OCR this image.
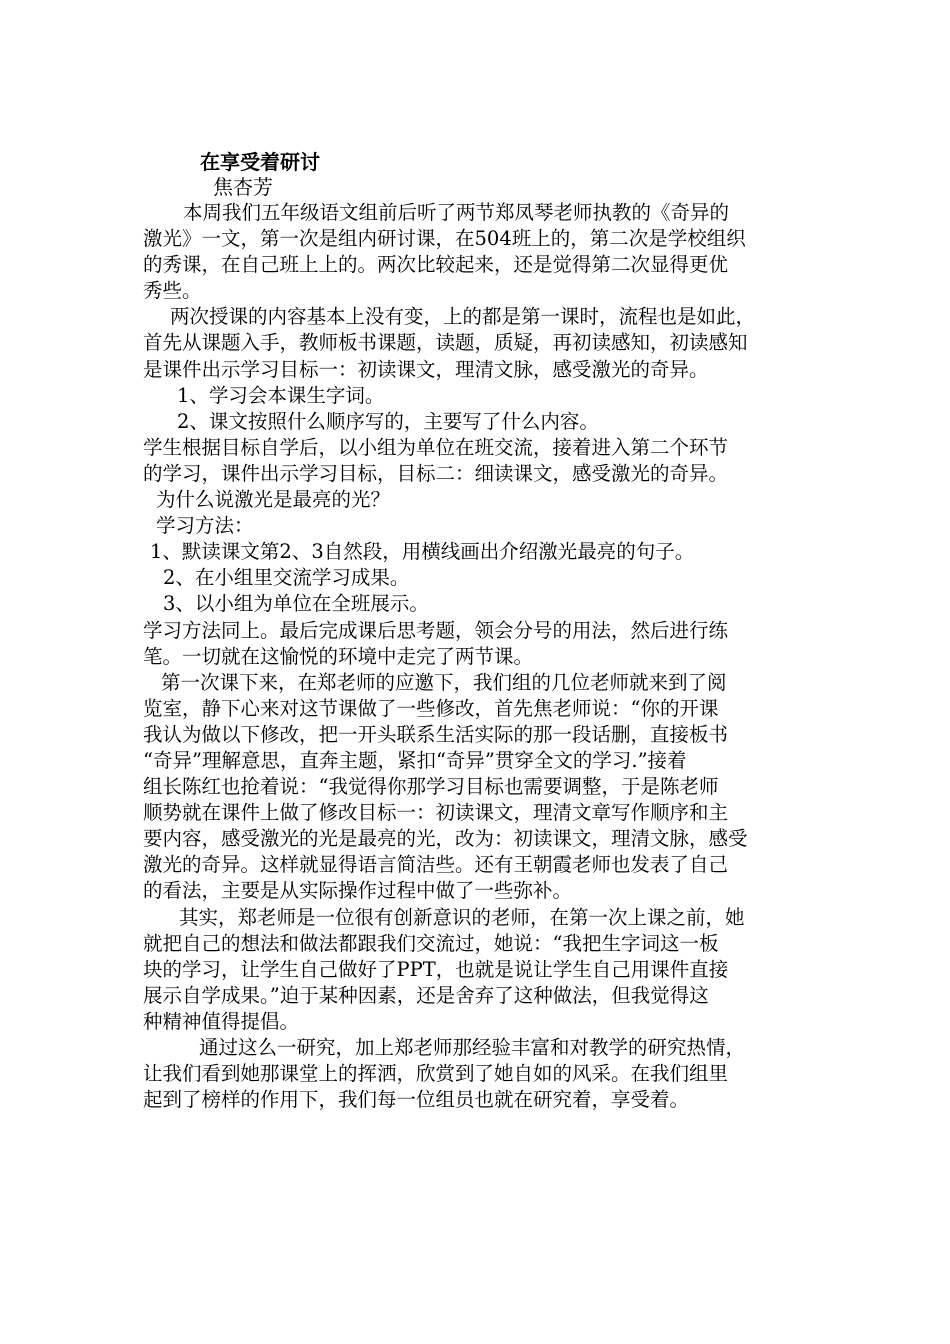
在享受着研讨
焦杏芳
本周我们五年级语文组前后听了两节郑凤琴老师执教的《奇异的
激光》一文，第一次是组内研讨课，在504班上的，第二次是学校组织
的秀课，在自己班上上的。两次比较起来，还是觉得第二次显得更优
秀些。
两次授课的内容基本上没有变，上的都是第一课时，流程也是如此，
首先从课题入手，教师板书课题，读题，质疑，再初读感知，初读感知
是课件出示学习目标一：初读课文，理清文脉，感受激光的奇异。
1、学习会本课生字词。
2、课文按照什么顺序写的，主要写了什么内容。
学生根据目标自学后，以小组为单位在班交流，接着进入第二个环节
的学习，课件出示学习目标，目标二：细读课文，感受激光的奇异。
为什么说激光是最亮的光？
学习方法：
1、默读课文第2、3自然段，用横线画出介绍激光最亮的句子。
2、在小组里交流学习成果。
3、以小组为单位在全班展示。
学习方法同上。最后完成课后思考题，领会分号的用法，然后进行练
笔。一切就在这愉悦的环境中走完了两节课。
第一次课下来，在郑老师的应邀下，我们组的几位老师就来到了阅
览室，静下心来对这节课做了一些修改，首先焦老师说：“你的开课
我认为做以下修改，把一开头联系生活实际的那一段话删，直接板书
“奇异”理解意思，直奔主题，紧扣“奇异”贯穿全文的学习.”接着
组长陈红也抢着说：“我觉得你那学习目标也需要调整，于是陈老师
顺势就在课件上做了修改目标一：初读课文，理清文章写作顺序和主
要内容，感受激光的光是最亮的光，改为：初读课文，理清文脉，感受
激光的奇异。这样就显得语言简洁些。还有王朝霞老师也发表了自己
的看法，主要是从实际操作过程中做了一些弥补。
其实，郑老师是一位很有创新意识的老师，在第一次上课之前，她
就把自己的想法和做法都跟我们交流过，她说：“我把生字词这一板
块的学习，让学生自己做好了PPT，也就是说让学生自己用课件直接
展示自学成果。”迫于某种因素，还是舍弃了这种做法，但我觉得这
种精神值得提倡。
通过这么一研究，加上郑老师那经验丰富和对教学的研究热情，
让我们看到她那课堂上的挥洒，欣赏到了她自如的风采。在我们组里
起到了榜样的作用下，我们每一位组员也就在研究着，享受着。
